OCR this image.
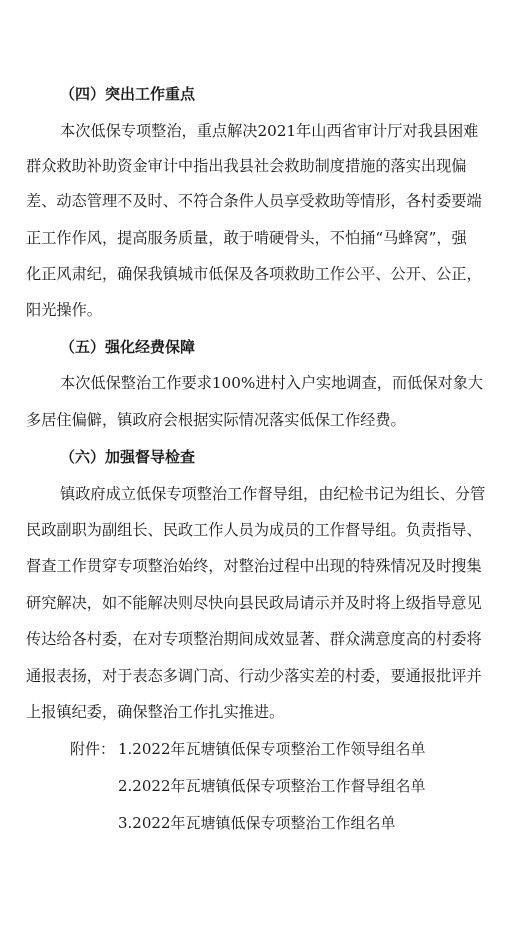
（四）突出工作重点
本次低保专项整治，重点解决2021年山西省审计厅对我县困难
群众救助补助资金审计中指出我县社会救助制度措施的落实出现偏
差、动态管理不及时、不符合条件人员享受救助等情形，各村委要端
正工作作风，提高服务质量，敢于啃硬骨头，不怕捅“马蜂窝”，强
化正风肃纪，确保我镇城市低保及各项救助工作公平、公开、公正，
阳光操作。
（五）强化经费保障
本次低保整治工作要求100%进村入户实地调查，而低保对象大
多居住偏僻，镇政府会根据实际情况落实低保工作经费。
（六）加强督导检查
镇政府成立低保专项整治工作督导组，由纪检书记为组长、分管
民政副职为副组长、民政工作人员为成员的工作督导组。负责指导、
督查工作贯穿专项整治始终，对整治过程中出现的特殊情况及时搜集
研究解决，如不能解决则尽快向县民政局请示并及时将上级指导意见
传达给各村委，在对专项整治期间成效显著、群众满意度高的村委将
通报表扬，对于表态多调门高、行动少落实差的村委，要通报批评并
上报镇纪委，确保整治工作扎实推进。
附件： 1.2022年瓦塘镇低保专项整治工作领导组名单
2.2022年瓦塘镇低保专项整治工作督导组名单
3.2022年瓦塘镇低保专项整治工作组名单
